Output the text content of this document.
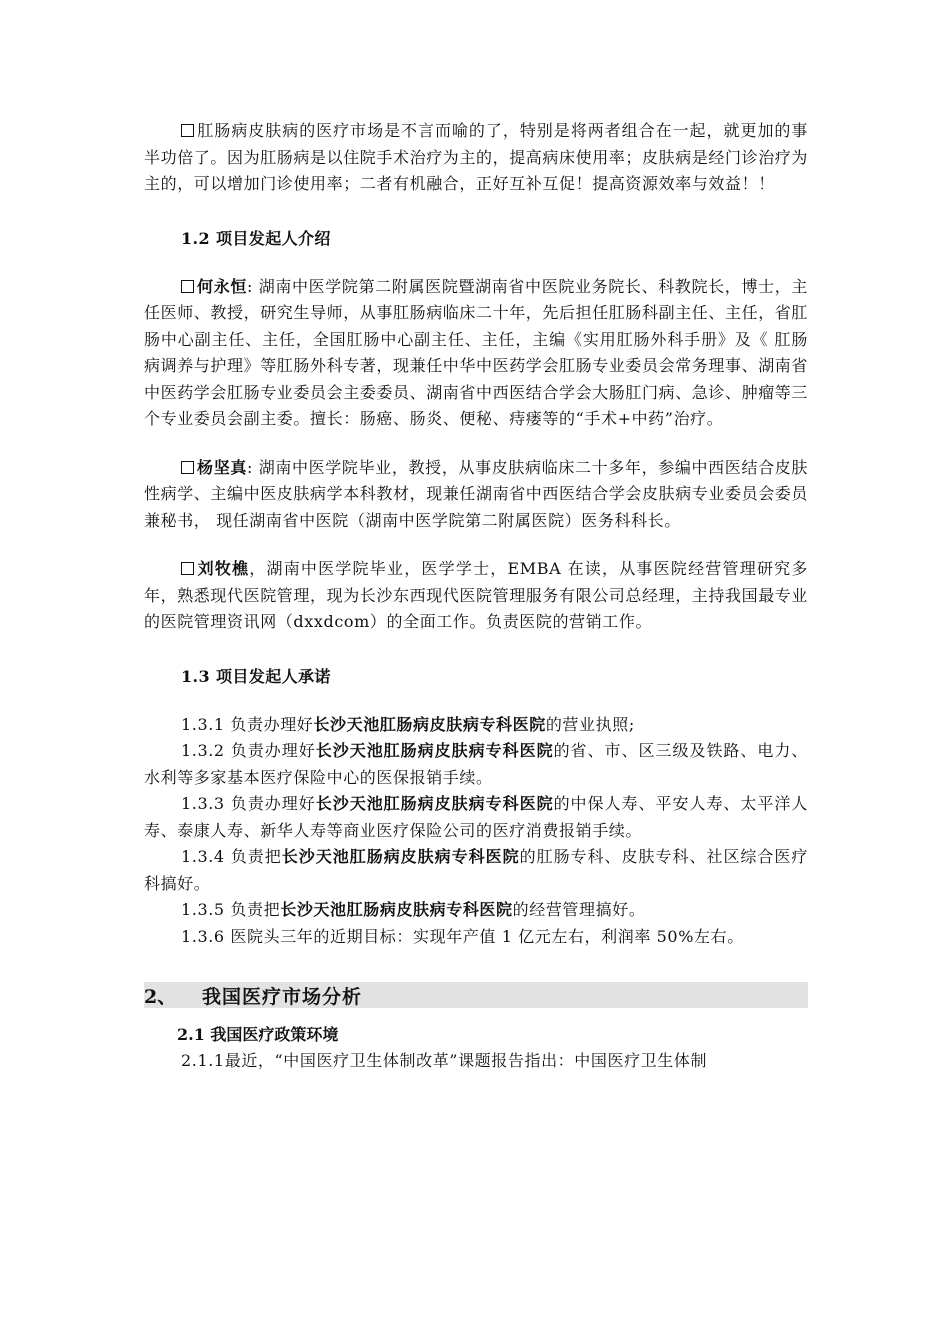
肛肠病皮肤病的医疗市场是不言而喻的了，特别是将两者组合在一起，就更加的事半功倍了。因为肛肠病是以住院手术治疗为主的，提高病床使用率；皮肤病是经门诊治疗为主的，可以增加门诊使用率；二者有机融合，正好互补互促！提高资源效率与效益！！

1.2 项目发起人介绍

何永恒: 湖南中医学院第二附属医院暨湖南省中医院业务院长、科教院长，博士，主任医师、教授，研究生导师，从事肛肠病临床二十年，先后担任肛肠科副主任、主任，省肛肠中心副主任、主任，全国肛肠中心副主任、主任，主编《实用肛肠外科手册》及《 肛肠病调养与护理》等肛肠外科专著，现兼任中华中医药学会肛肠专业委员会常务理事、湖南省中医药学会肛肠专业委员会主委委员、湖南省中西医结合学会大肠肛门病、急诊、肿瘤等三个专业委员会副主委。擅长：肠癌、肠炎、便秘、痔瘘等的“手术+中药”治疗。

杨坚真: 湖南中医学院毕业，教授，从事皮肤病临床二十多年，参编中西医结合皮肤性病学、主编中医皮肤病学本科教材，现兼任湖南省中西医结合学会皮肤病专业委员会委员兼秘书， 现任湖南省中医院（湖南中医学院第二附属医院）医务科科长。

刘牧樵，湖南中医学院毕业，医学学士，EMBA 在读，从事医院经营管理研究多年，熟悉现代医院管理，现为长沙东西现代医院管理服务有限公司总经理，主持我国最专业的医院管理资讯网（dxxdcom）的全面工作。负责医院的营销工作。

1.3 项目发起人承诺

1.3.1 负责办理好长沙天池肛肠病皮肤病专科医院的营业执照;

1.3.2 负责办理好长沙天池肛肠病皮肤病专科医院的省、市、区三级及铁路、电力、水利等多家基本医疗保险中心的医保报销手续。

1.3.3 负责办理好长沙天池肛肠病皮肤病专科医院的中保人寿、平安人寿、太平洋人寿、泰康人寿、新华人寿等商业医疗保险公司的医疗消费报销手续。

1.3.4 负责把长沙天池肛肠病皮肤病专科医院的肛肠专科、皮肤专科、社区综合医疗科搞好。

1.3.5 负责把长沙天池肛肠病皮肤病专科医院的经营管理搞好。

1.3.6 医院头三年的近期目标：实现年产值 1 亿元左右，利润率 50%左右。

2、	我国医疗市场分析

2.1 我国医疗政策环境

2.1.1最近，“中国医疗卫生体制改革”课题报告指出：中国医疗卫生体制
